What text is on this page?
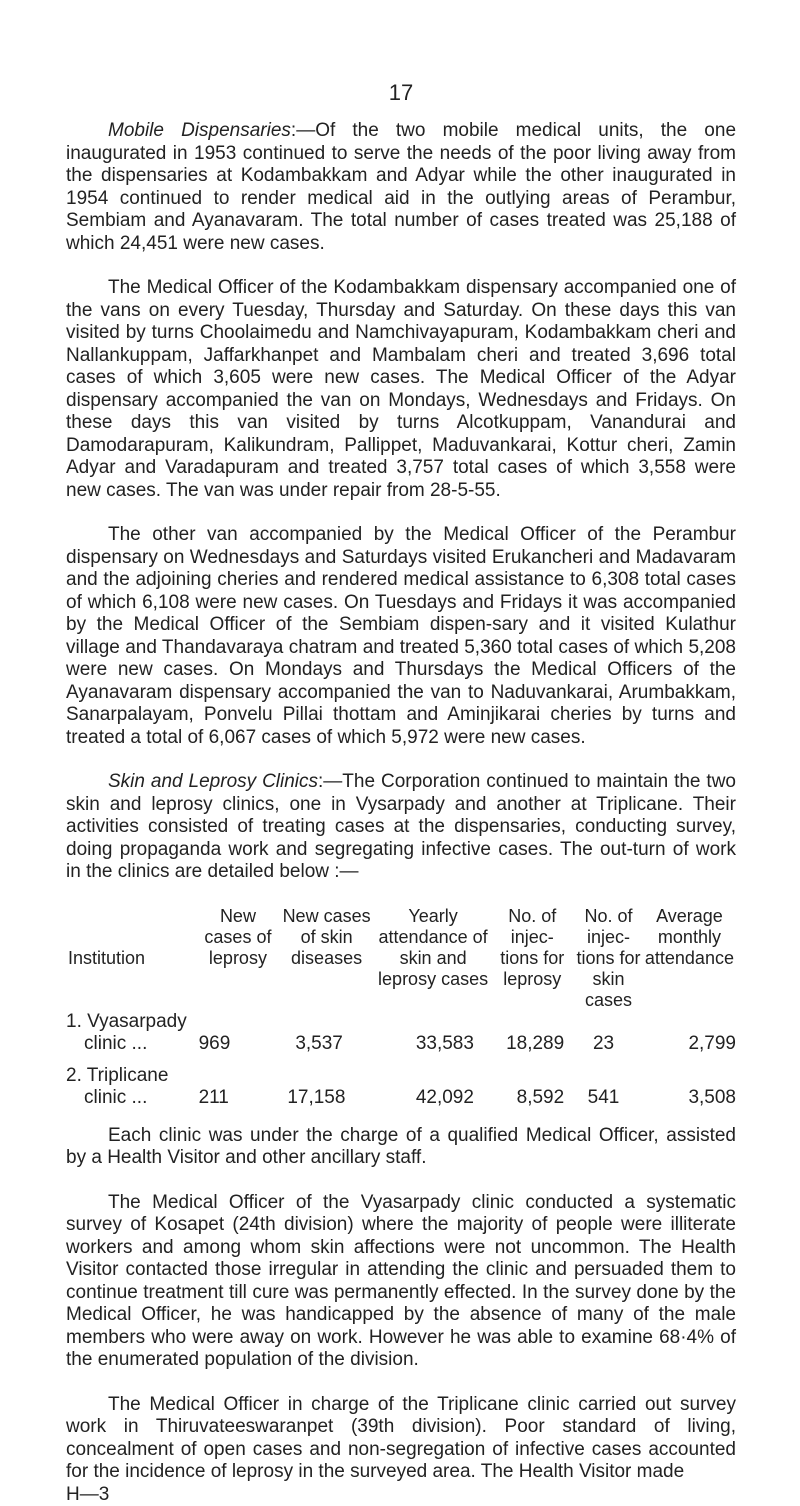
17

Mobile Dispensaries:—Of the two mobile medical units, the one inaugurated in 1953 continued to serve the needs of the poor living away from the dispensaries at Kodambakkam and Adyar while the other inaugurated in 1954 continued to render medical aid in the outlying areas of Perambur, Sembiam and Ayanavaram. The total number of cases treated was 25,188 of which 24,451 were new cases.

The Medical Officer of the Kodambakkam dispensary accompanied one of the vans on every Tuesday, Thursday and Saturday. On these days this van visited by turns Choolaimedu and Namchivayapuram, Kodambakkam cheri and Nallankuppam, Jaffarkhanpet and Mambalam cheri and treated 3,696 total cases of which 3,605 were new cases. The Medical Officer of the Adyar dispensary accompanied the van on Mondays, Wednesdays and Fridays. On these days this van visited by turns Alcotkuppam, Vanandurai and Damodarapuram, Kalikundram, Pallippet, Maduvankarai, Kottur cheri, Zamin Adyar and Varadapuram and treated 3,757 total cases of which 3,558 were new cases. The van was under repair from 28-5-55.

The other van accompanied by the Medical Officer of the Perambur dispensary on Wednesdays and Saturdays visited Erukancheri and Madavaram and the adjoining cheries and rendered medical assistance to 6,308 total cases of which 6,108 were new cases. On Tuesdays and Fridays it was accompanied by the Medical Officer of the Sembiam dispen-sary and it visited Kulathur village and Thandavaraya chatram and treated 5,360 total cases of which 5,208 were new cases. On Mondays and Thursdays the Medical Officers of the Ayanavaram dispensary accompanied the van to Naduvankarai, Arumbakkam, Sanarpalayam, Ponvelu Pillai thottam and Aminjikarai cheries by turns and treated a total of 6,067 cases of which 5,972 were new cases.

Skin and Leprosy Clinics:—The Corporation continued to maintain the two skin and leprosy clinics, one in Vysarpady and another at Triplicane. Their activities consisted of treating cases at the dispensaries, conducting survey, doing propaganda work and segregating infective cases. The out-turn of work in the clinics are detailed below :—

Institution	New cases of leprosy	New cases of skin diseases	Yearly attendance of skin and leprosy cases	No. of injec-tions for leprosy	No. of injec-tions for skin cases	Average monthly attendance

1. Vyasarpady
clinic ...	969	3,537	33,583	18,289	23	2,799

2. Triplicane
clinic ...	211	17,158	42,092	8,592	541	3,508

Each clinic was under the charge of a qualified Medical Officer, assisted by a Health Visitor and other ancillary staff.

The Medical Officer of the Vyasarpady clinic conducted a systematic survey of Kosapet (24th division) where the majority of people were illiterate workers and among whom skin affections were not uncommon. The Health Visitor contacted those irregular in attending the clinic and persuaded them to continue treatment till cure was permanently effected. In the survey done by the Medical Officer, he was handicapped by the absence of many of the male members who were away on work. However he was able to examine 68·4% of the enumerated population of the division.

The Medical Officer in charge of the Triplicane clinic carried out survey work in Thiruvateeswaranpet (39th division). Poor standard of living, concealment of open cases and non-segregation of infective cases accounted for the incidence of leprosy in the surveyed area. The Health Visitor made

H—3
